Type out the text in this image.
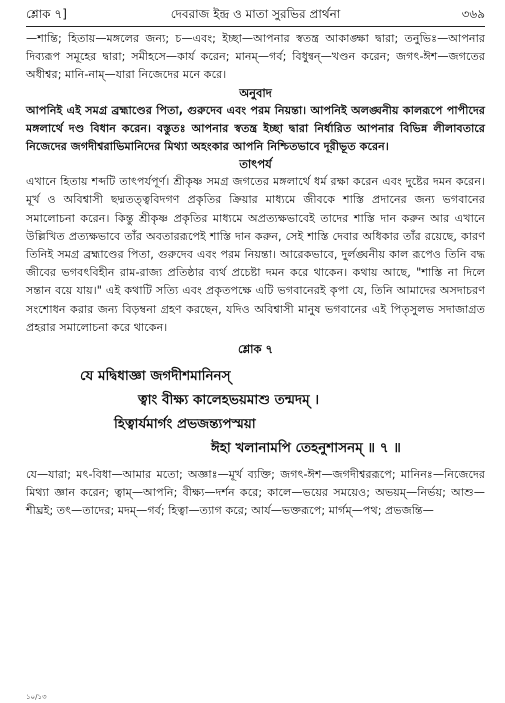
শ্লোক ৭]	দেবরাজ ইন্দ্র ও মাতা সুরভির প্রার্থনা	৩৬৯

—শান্তি; হিতায়—মঙ্গলের জন্য; চ—এবং; ইচ্ছা—আপনার স্বতন্ত্র আকাঙ্ক্ষা দ্বারা; তনুভিঃ—আপনার দিব্যরূপ সমূহের দ্বারা; সমীহসে—কার্য করেন; মানম্—গর্ব; বিধুন্বন্—খণ্ডন করেন; জগৎ-ঈশ—জগতের অধীশ্বর; মানি-নাম্—যারা নিজেদের মনে করে।

অনুবাদ

আপনিই এই সমগ্র ব্রহ্মাণ্ডের পিতা, গুরুদেব এবং পরম নিয়ন্তা। আপনিই অলঙ্ঘনীয় কালরূপে পাপীদের মঙ্গলার্থে দণ্ড বিধান করেন। বস্তুতঃ আপনার স্বতন্ত্র ইচ্ছা দ্বারা নির্ধারিত আপনার বিভিন্ন লীলাবতারে নিজেদের জগদীশ্বরাভিমানিদের মিথ্যা অহংকার আপনি নিশ্চিতভাবে দূরীভূত করেন।

তাৎপর্য

এখানে হিতায় শব্দটি তাৎপর্যপূর্ণ। শ্রীকৃষ্ণ সমগ্র জগতের মঙ্গলার্থে ধর্ম রক্ষা করেন এবং দুষ্টের দমন করেন। মূর্খ ও অবিশ্বাসী ছদ্মতত্ত্ববিদগণ প্রকৃতির ক্রিয়ার মাধ্যমে জীবকে শাস্তি প্রদানের জন্য ভগবানের সমালোচনা করেন। কিন্তু শ্রীকৃষ্ণ প্রকৃতির মাধ্যমে অপ্রত্যক্ষভাবেই তাদের শাস্তি দান করুন আর এখানে উল্লিখিত প্রত্যক্ষভাবে তাঁর অবতাররূপেই শাস্তি দান করুন, সেই শাস্তি দেবার অধিকার তাঁর রয়েছে, কারণ তিনিই সমগ্র ব্রহ্মাণ্ডের পিতা, গুরুদেব এবং পরম নিয়ন্তা। আরেকভাবে, দুর্লঙ্ঘনীয় কাল রূপেও তিনি বদ্ধ জীবের ভগবৎবিহীন রাম-রাজ্য প্রতিষ্ঠার ব্যর্থ প্রচেষ্টা দমন করে থাকেন। কথায় আছে, "শাস্তি না দিলে সন্তান বয়ে যায়।" এই কথাটি সত্যি এবং প্রকৃতপক্ষে এটি ভগবানেরই কৃপা যে, তিনি আমাদের অসদাচরণ সংশোধন করার জন্য বিড়ম্বনা গ্রহণ করছেন, যদিও অবিশ্বাসী মানুষ ভগবানের এই পিতৃসুলভ সদাজাগ্রত প্রহরার সমালোচনা করে থাকেন।

শ্লোক ৭

যে মদ্বিধাজ্ঞা জগদীশমানিনস্
ত্বাং বীক্ষ্য কালেহভয়মাশু তন্মদম্ ।
হিত্বার্যমার্গং প্রভজন্ত্যপস্ময়া
ঈহা খলানামপি তেহনুশাসনম্ ॥ ৭ ॥

যে—যারা; মৎ-বিধা—আমার মতো; অজ্ঞাঃ—মূর্খ ব্যক্তি; জগৎ-ঈশ—জগদীশ্বররূপে; মানিনঃ—নিজেদের মিথ্যা জ্ঞান করেন; ত্বাম্—আপনি; বীক্ষ্য—দর্শন করে; কালে—ভয়ের সময়েও; অভয়ম্—নির্ভয়; আশু—শীঘ্রই; তৎ—তাদের; মদম্—গর্ব; হিত্বা—ত্যাগ করে; আর্য—ভক্তরূপে; মার্গম্—পথ; প্রভজন্তি—

১০/১৩
